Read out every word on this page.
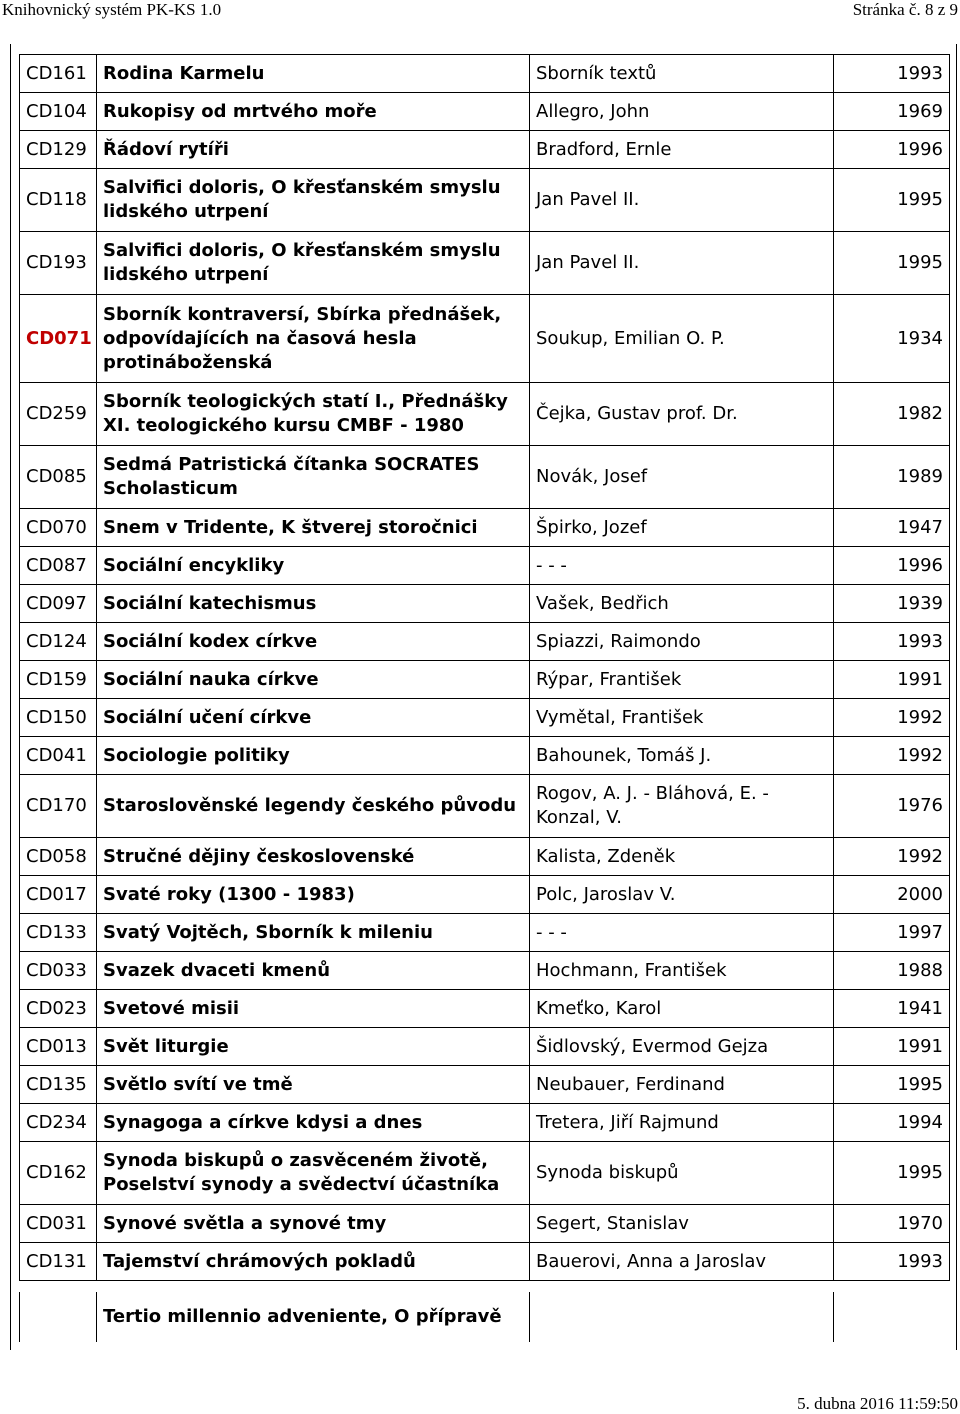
Knihovnický systém PK-KS 1.0	Stránka č. 8 z 9
CD161	Rodina Karmelu	Sborník textů	1993
CD104	Rukopisy od mrtvého moře	Allegro, John	1969
CD129	Řádoví rytíři	Bradford, Ernle	1996
CD118	Salvifici doloris, O křesťanském smyslu lidského utrpení	Jan Pavel II.	1995
CD193	Salvifici doloris, O křesťanském smyslu lidského utrpení	Jan Pavel II.	1995
CD071	Sborník kontraversí, Sbírka přednášek, odpovídajících na časová hesla protináboženská	Soukup, Emilian O. P.	1934
CD259	Sborník teologických statí I., Přednášky XI. teologického kursu CMBF - 1980	Čejka, Gustav prof. Dr.	1982
CD085	Sedmá Patristická čítanka SOCRATES Scholasticum	Novák, Josef	1989
CD070	Snem v Tridente, K štverej storočnici	Špirko, Jozef	1947
CD087	Sociální encykliky	- - -	1996
CD097	Sociální katechismus	Vašek, Bedřich	1939
CD124	Sociální kodex církve	Spiazzi, Raimondo	1993
CD159	Sociální nauka církve	Rýpar, František	1991
CD150	Sociální učení církve	Vymětal, František	1992
CD041	Sociologie politiky	Bahounek, Tomáš J.	1992
CD170	Staroslověnské legendy českého původu	Rogov, A. J. - Bláhová, E. - Konzal, V.	1976
CD058	Stručné dějiny československé	Kalista, Zdeněk	1992
CD017	Svaté roky (1300 - 1983)	Polc, Jaroslav V.	2000
CD133	Svatý Vojtěch, Sborník k mileniu	- - -	1997
CD033	Svazek dvaceti kmenů	Hochmann, František	1988
CD023	Svetové misii	Kmeťko, Karol	1941
CD013	Svět liturgie	Šidlovský, Evermod Gejza	1991
CD135	Světlo svítí ve tmě	Neubauer, Ferdinand	1995
CD234	Synagoga a církve kdysi a dnes	Tretera, Jiří Rajmund	1994
CD162	Synoda biskupů o zasvěceném životě, Poselství synody a svědectví účastníka	Synoda biskupů	1995
CD031	Synové světla a synové tmy	Segert, Stanislav	1970
CD131	Tajemství chrámových pokladů	Bauerovi, Anna a Jaroslav	1993
	Tertio millennio adveniente, O přípravě		
5. dubna 2016 11:59:50
